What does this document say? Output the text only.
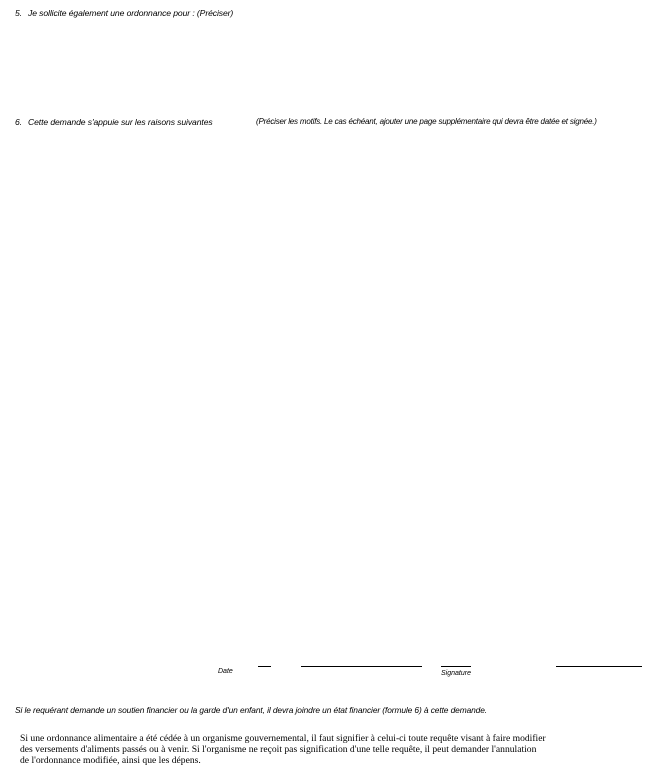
5. Je sollicite également une ordonnance pour : (Préciser)
6. Cette demande s'appuie sur les raisons suivantes	(Préciser les motifs. Le cas échéant, ajouter une page supplémentaire qui devra être datée et signée.)
Date	Signature
Si le requérant demande un soutien financier ou la garde d'un enfant, il devra joindre un état financier (formule 6) à cette demande.
Si une ordonnance alimentaire a été cédée à un organisme gouvernemental, il faut signifier à celui-ci toute requête visant à faire modifier
des versements d'aliments passés ou à venir. Si l'organisme ne reçoit pas signification d'une telle requête, il peut demander l'annulation
de l'ordonnance modifiée, ainsi que les dépens.
